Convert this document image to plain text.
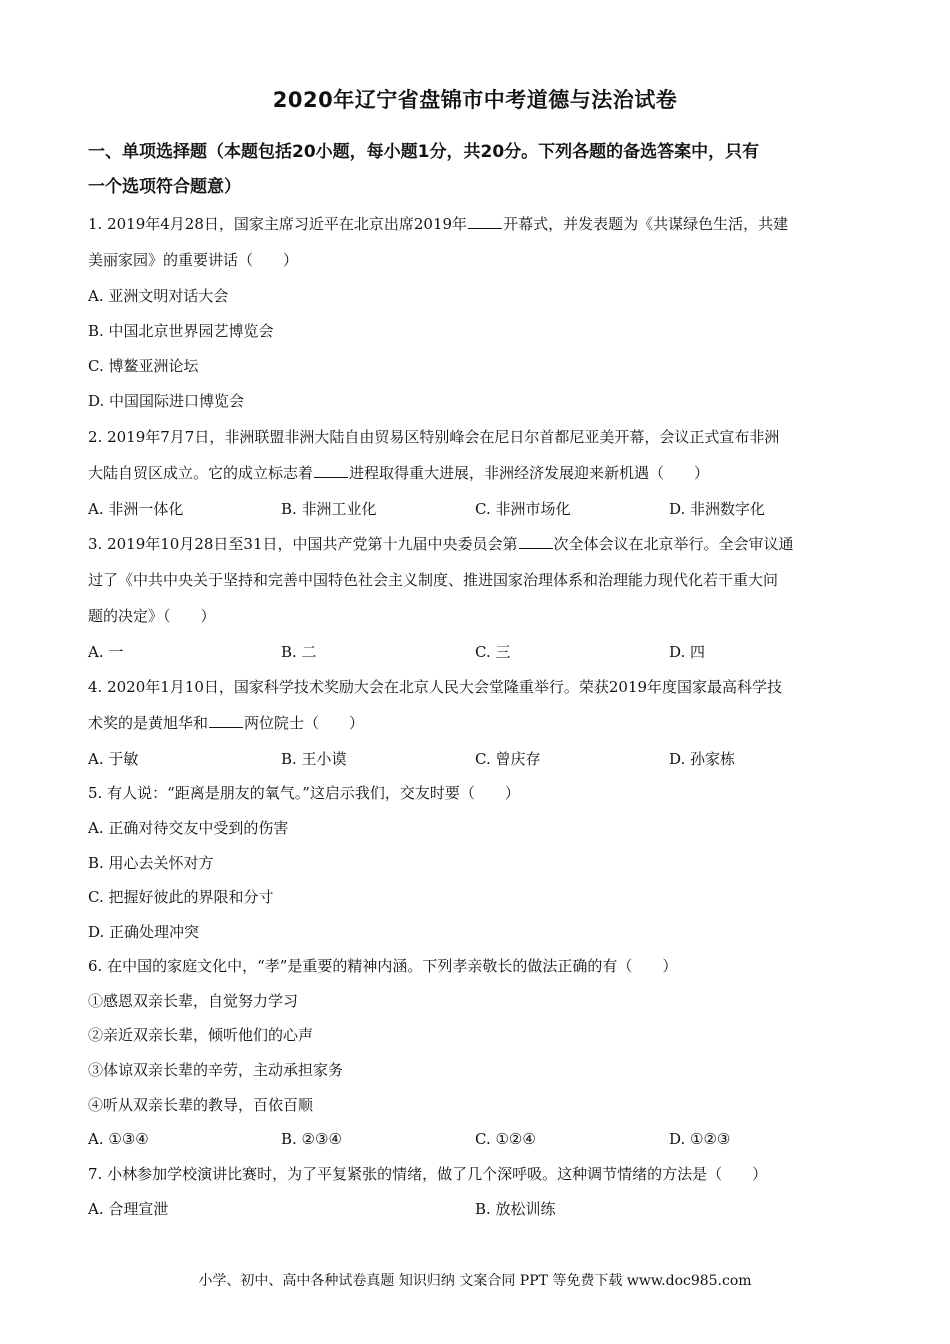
2020年辽宁省盘锦市中考道德与法治试卷
一、单项选择题（本题包括20小题，每小题1分，共20分。下列各题的备选答案中，只有
一个选项符合题意）
1. 2019年4月28日，国家主席习近平在北京出席2019年 开幕式，并发表题为《共谋绿色生活，共建
美丽家园》的重要讲话（　　）
A. 亚洲文明对话大会
B. 中国北京世界园艺博览会
C. 博鳌亚洲论坛
D. 中国国际进口博览会
2. 2019年7月7日，非洲联盟非洲大陆自由贸易区特别峰会在尼日尔首都尼亚美开幕，会议正式宣布非洲
大陆自贸区成立。它的成立标志着 进程取得重大进展，非洲经济发展迎来新机遇（　　）
A. 非洲一体化	B. 非洲工业化	C. 非洲市场化	D. 非洲数字化
3. 2019年10月28日至31日，中国共产党第十九届中央委员会第 次全体会议在北京举行。全会审议通
过了《中共中央关于坚持和完善中国特色社会主义制度、推进国家治理体系和治理能力现代化若干重大问
题的决定》（　　）
A. 一	B. 二	C. 三	D. 四
4. 2020年1月10日，国家科学技术奖励大会在北京人民大会堂隆重举行。荣获2019年度国家最高科学技
术奖的是黄旭华和 两位院士（　　）
A. 于敏	B. 王小谟	C. 曾庆存	D. 孙家栋
5. 有人说：“距离是朋友的氧气。”这启示我们，交友时要（　　）
A. 正确对待交友中受到的伤害
B. 用心去关怀对方
C. 把握好彼此的界限和分寸
D. 正确处理冲突
6. 在中国的家庭文化中，“孝”是重要的精神内涵。下列孝亲敬长的做法正确的有（　　）
①感恩双亲长辈，自觉努力学习
②亲近双亲长辈，倾听他们的心声
③体谅双亲长辈的辛劳，主动承担家务
④听从双亲长辈的教导，百依百顺
A. ①③④	B. ②③④	C. ①②④	D. ①②③
7. 小林参加学校演讲比赛时，为了平复紧张的情绪，做了几个深呼吸。这种调节情绪的方法是（　　）
A. 合理宣泄	B. 放松训练
小学、初中、高中各种试卷真题 知识归纳 文案合同 PPT 等免费下载 www.doc985.com
